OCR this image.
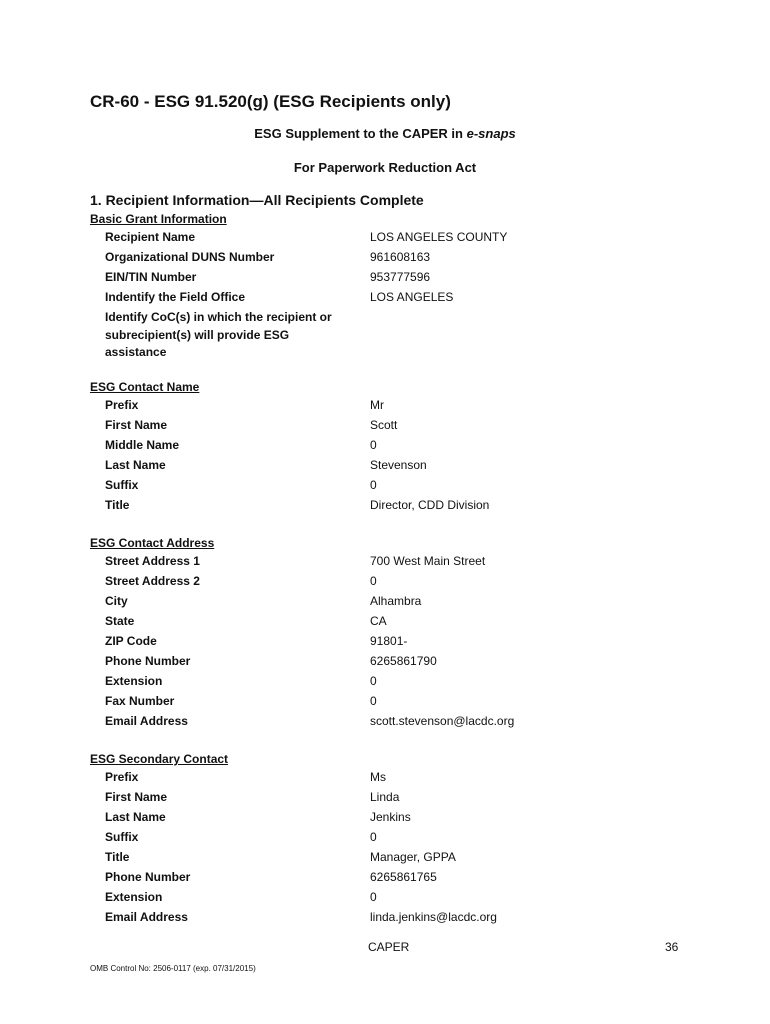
CR-60 - ESG 91.520(g) (ESG Recipients only)
ESG Supplement to the CAPER in e-snaps
For Paperwork Reduction Act
1. Recipient Information—All Recipients Complete
Basic Grant Information
Recipient Name	LOS ANGELES COUNTY
Organizational DUNS Number	961608163
EIN/TIN Number	953777596
Indentify the Field Office	LOS ANGELES
Identify CoC(s) in which the recipient or subrecipient(s) will provide ESG assistance
ESG Contact Name
Prefix	Mr
First Name	Scott
Middle Name	0
Last Name	Stevenson
Suffix	0
Title	Director, CDD Division
ESG Contact Address
Street Address 1	700 West Main Street
Street Address 2	0
City	Alhambra
State	CA
ZIP Code	91801-
Phone Number	6265861790
Extension	0
Fax Number	0
Email Address	scott.stevenson@lacdc.org
ESG Secondary Contact
Prefix	Ms
First Name	Linda
Last Name	Jenkins
Suffix	0
Title	Manager, GPPA
Phone Number	6265861765
Extension	0
Email Address	linda.jenkins@lacdc.org
CAPER	36
OMB Control No: 2506-0117 (exp. 07/31/2015)
